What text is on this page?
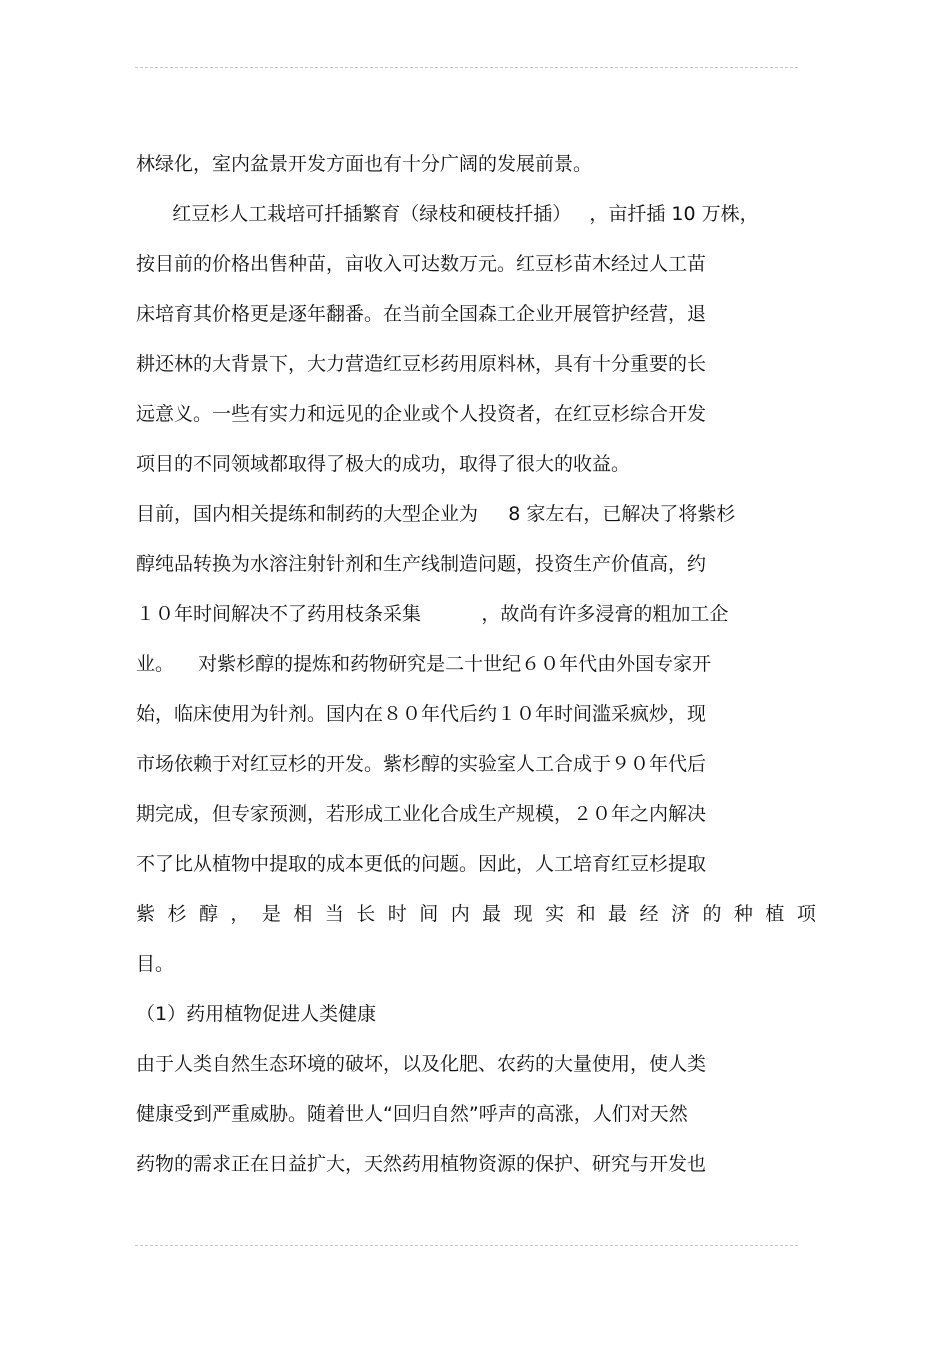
林绿化，室内盆景开发方面也有十分广阔的发展前景。
红豆杉人工栽培可扦插繁育（绿枝和硬枝扦插）   ，亩扦插 10 万株，
按目前的价格出售种苗，亩收入可达数万元。红豆杉苗木经过人工苗
床培育其价格更是逐年翻番。在当前全国森工企业开展管护经营，退
耕还林的大背景下，大力营造红豆杉药用原料林，具有十分重要的长
远意义。一些有实力和远见的企业或个人投资者，在红豆杉综合开发
项目的不同领域都取得了极大的成功，取得了很大的收益。
目前，国内相关提练和制药的大型企业为     8 家左右，已解决了将紫杉
醇纯品转换为水溶注射针剂和生产线制造问题，投资生产价值高，约
１０年时间解决不了药用枝条采集          ，故尚有许多浸膏的粗加工企
业。    对紫杉醇的提炼和药物研究是二十世纪６０年代由外国专家开
始，临床使用为针剂。国内在８０年代后约１０年时间滥采疯炒，现
市场依赖于对红豆杉的开发。紫杉醇的实验室人工合成于９０年代后
期完成，但专家预测，若形成工业化合成生产规模，２０年之内解决
不了比从植物中提取的成本更低的问题。因此，人工培育红豆杉提取
紫 杉 醇 ， 是 相 当 长 时 间 内 最 现 实 和 最 经 济 的 种 植 项
目。
（1）药用植物促进人类健康
由于人类自然生态环境的破坏，以及化肥、农药的大量使用，使人类
健康受到严重威胁。随着世人“回归自然”呼声的高涨，人们对天然
药物的需求正在日益扩大，天然药用植物资源的保护、研究与开发也
